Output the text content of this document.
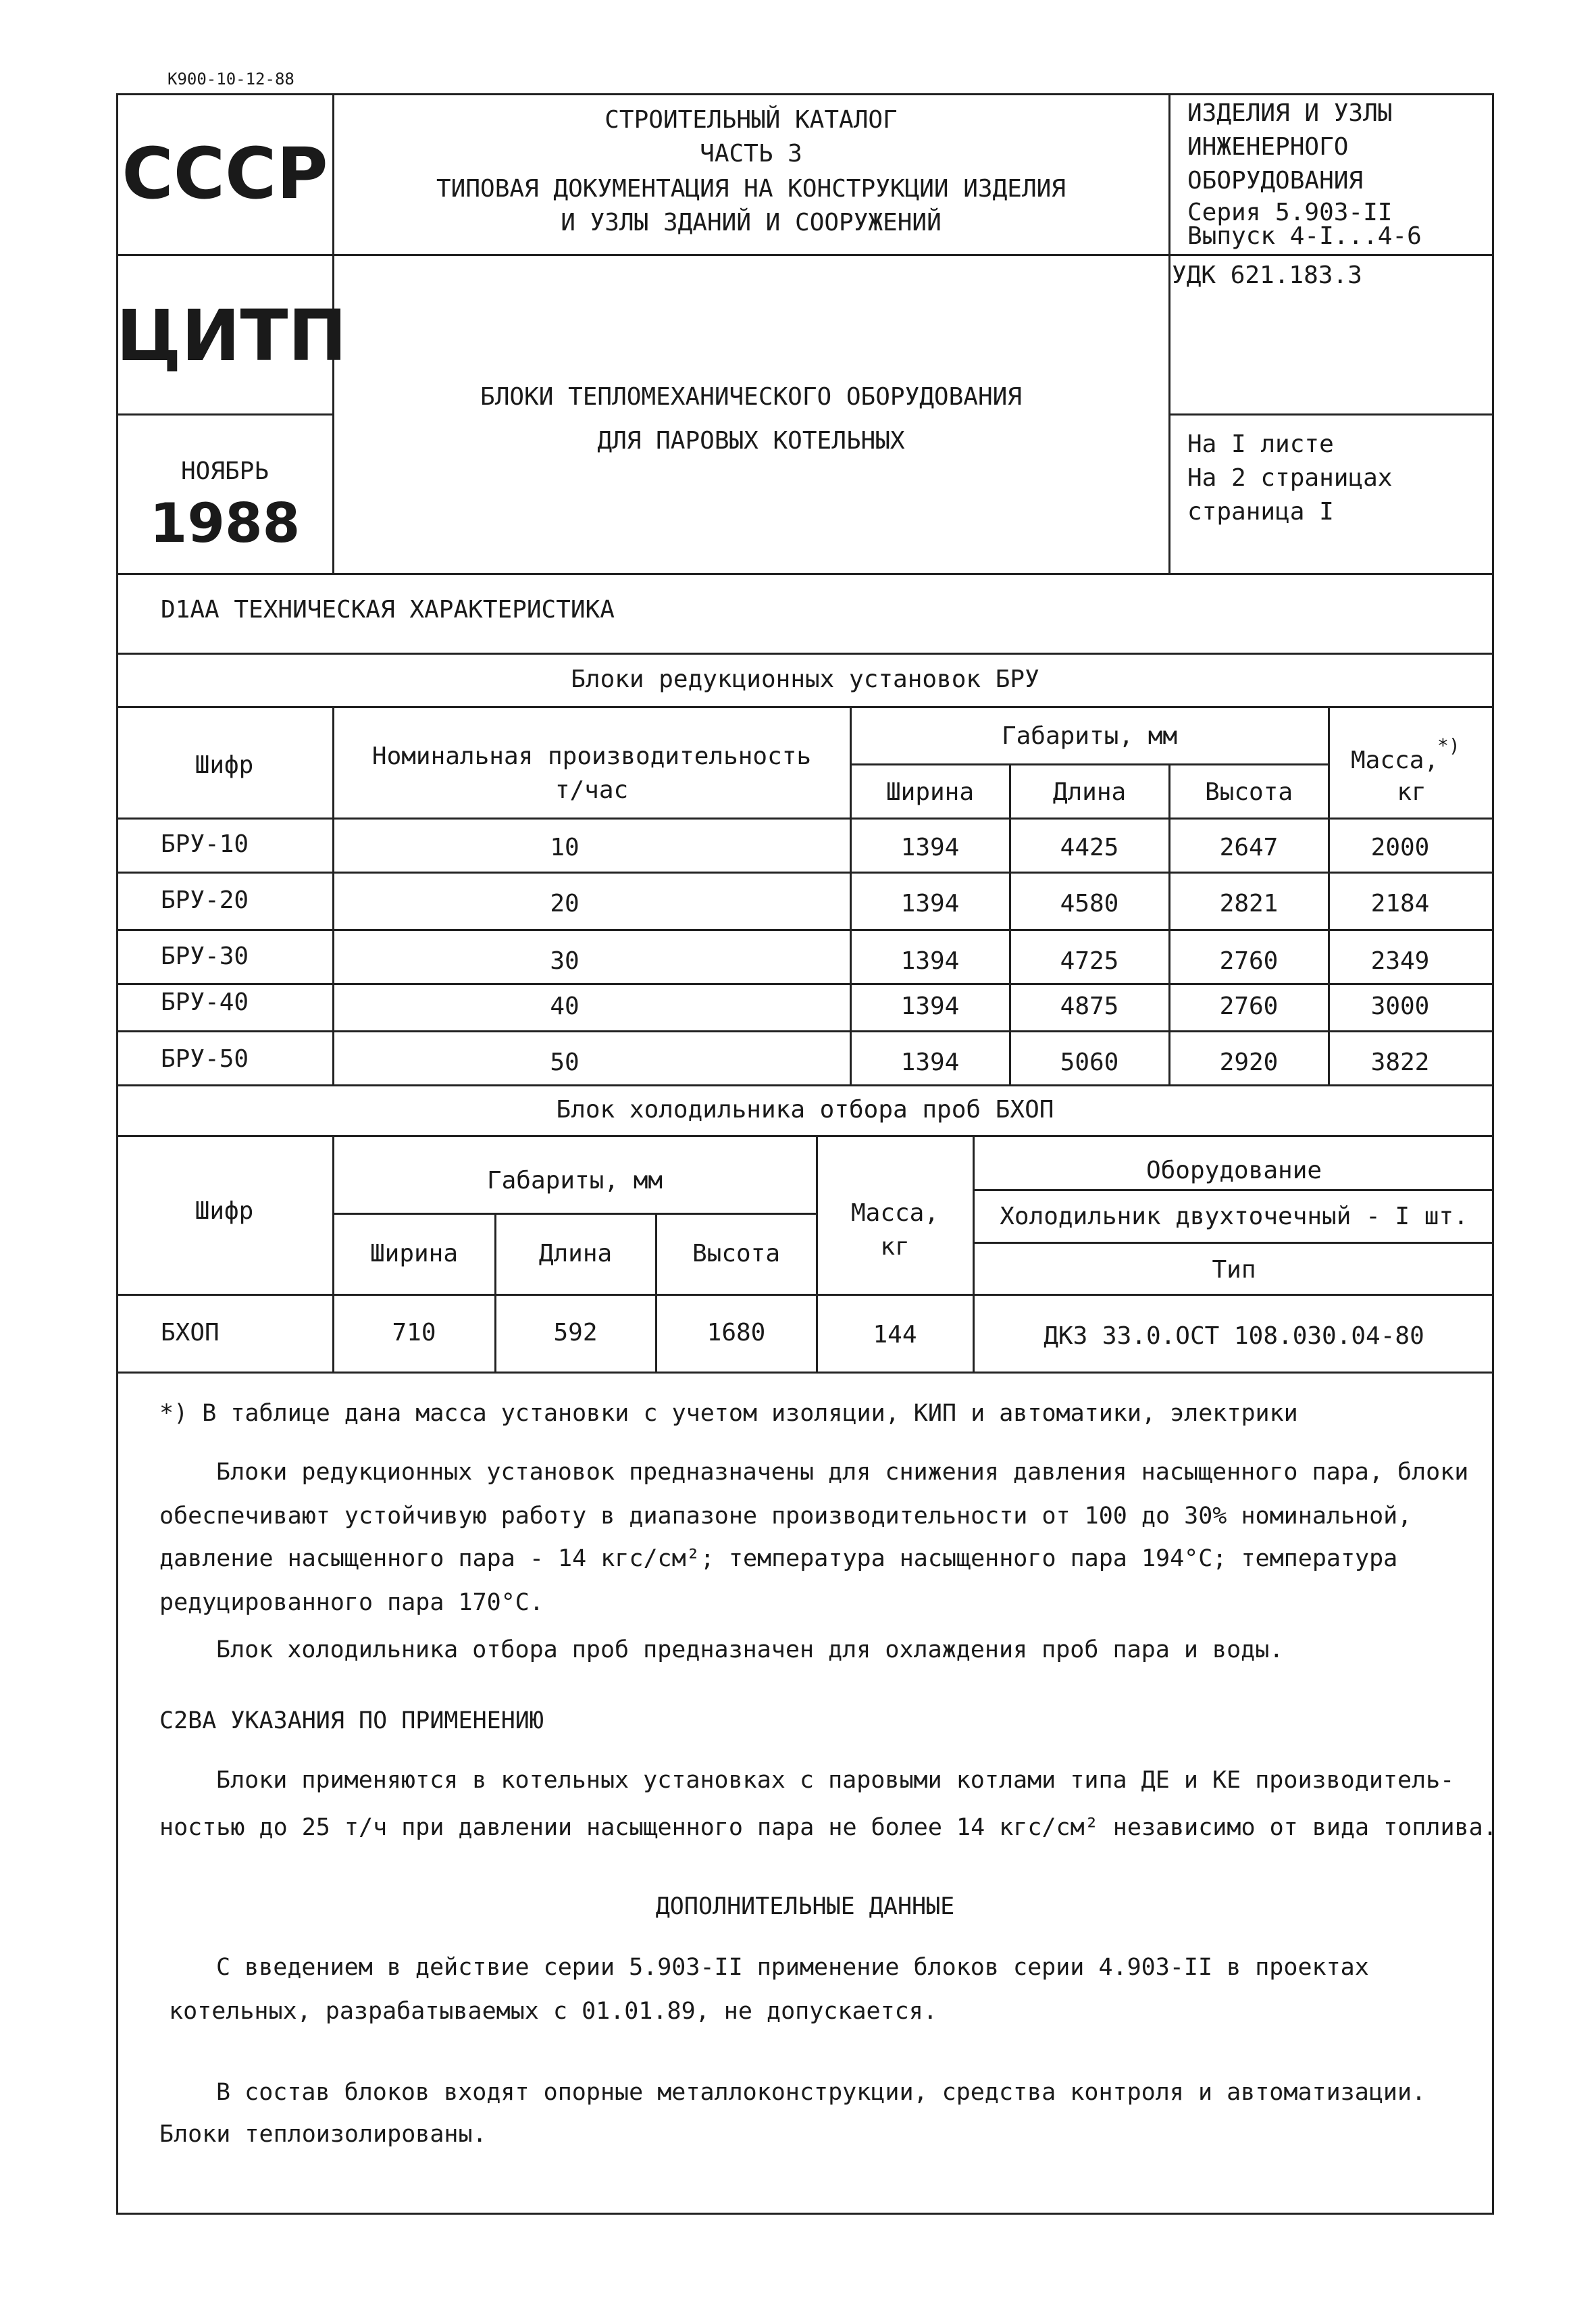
К900-10-12-88
СССР
ЦИТП
НОЯБРЬ
1988
СТРОИТЕЛЬНЫЙ КАТАЛОГ
ЧАСТЬ 3
ТИПОВАЯ ДОКУМЕНТАЦИЯ НА КОНСТРУКЦИИ ИЗДЕЛИЯ
И УЗЛЫ ЗДАНИЙ И СООРУЖЕНИЙ
ИЗДЕЛИЯ И УЗЛЫ
ИНЖЕНЕРНОГО
ОБОРУДОВАНИЯ
Серия 5.903-II
Выпуск 4-I...4-6
УДК 621.183.3
БЛОКИ ТЕПЛОМЕХАНИЧЕСКОГО ОБОРУДОВАНИЯ
ДЛЯ ПАРОВЫХ КОТЕЛЬНЫХ	На I листе
На 2 страницах
страница I
D1AA ТЕХНИЧЕСКАЯ ХАРАКТЕРИСТИКА
Блоки редукционных установок БРУ
Шифр	Номинальная производительность
т/час
Габариты, мм
Ширина	Длина	Высота
Масса,
*)
кг
БРУ-10	10	1394	4425	2647	2000
БРУ-20	20	1394	4580	2821	2184
БРУ-30	30	1394	4725	2760	2349
БРУ-40	40	1394	4875	2760	3000
БРУ-50	50	1394	5060	2920	3822
Блок холодильника отбора проб БХОП
Шифр
Габариты, мм
Ширина	Длина	Высота
Масса,
кг
Оборудование
Холодильник двухточечный - I шт.
Тип
БХОП	710	592	1680	144	ДКЗ 33.0.ОСТ 108.030.04-80
*) В таблице дана масса установки с учетом изоляции, КИП и автоматики, электрики
Блоки редукционных установок предназначены для снижения давления насыщенного пара, блоки
обеспечивают устойчивую работу в диапазоне производительности от 100 до 30% номинальной,
давление насыщенного пара - 14 кгс/см²; температура насыщенного пара 194°С; температура
редуцированного пара 170°С.
Блок холодильника отбора проб предназначен для охлаждения проб пара и воды.
C2BA УКАЗАНИЯ ПО ПРИМЕНЕНИЮ
Блоки применяются в котельных установках с паровыми котлами типа ДЕ и КЕ производитель-
ностью до 25 т/ч при давлении насыщенного пара не более 14 кгс/см² независимо от вида топлива.
ДОПОЛНИТЕЛЬНЫЕ ДАННЫЕ
С введением в действие серии 5.903-II применение блоков серии 4.903-II в проектах
котельных, разрабатываемых с 01.01.89, не допускается.
В состав блоков входят опорные металлоконструкции, средства контроля и автоматизации.
Блоки теплоизолированы.
